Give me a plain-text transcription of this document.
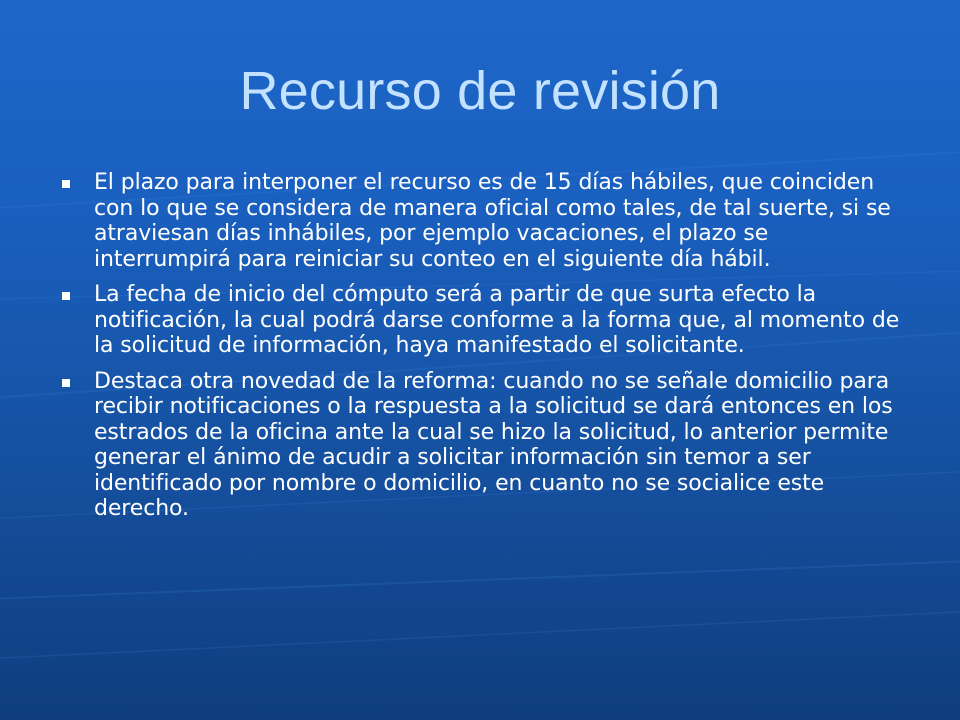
Recurso de revisión
El plazo para interponer el recurso es de 15 días hábiles, que coinciden con lo que se considera de manera oficial como tales, de tal suerte, si se atraviesan días inhábiles, por ejemplo vacaciones, el plazo se interrumpirá para reiniciar su conteo en el siguiente día hábil.
La fecha de inicio del cómputo será a partir de que surta efecto la notificación, la cual podrá darse conforme a la forma que, al momento de la solicitud de información, haya manifestado el solicitante.
Destaca otra novedad de la reforma: cuando no se señale domicilio para recibir notificaciones o la respuesta a la solicitud se dará entonces en los estrados de la oficina ante la cual se hizo la solicitud, lo anterior permite generar el ánimo de acudir a solicitar información sin temor a ser identificado por nombre o domicilio, en cuanto no se socialice este derecho.
